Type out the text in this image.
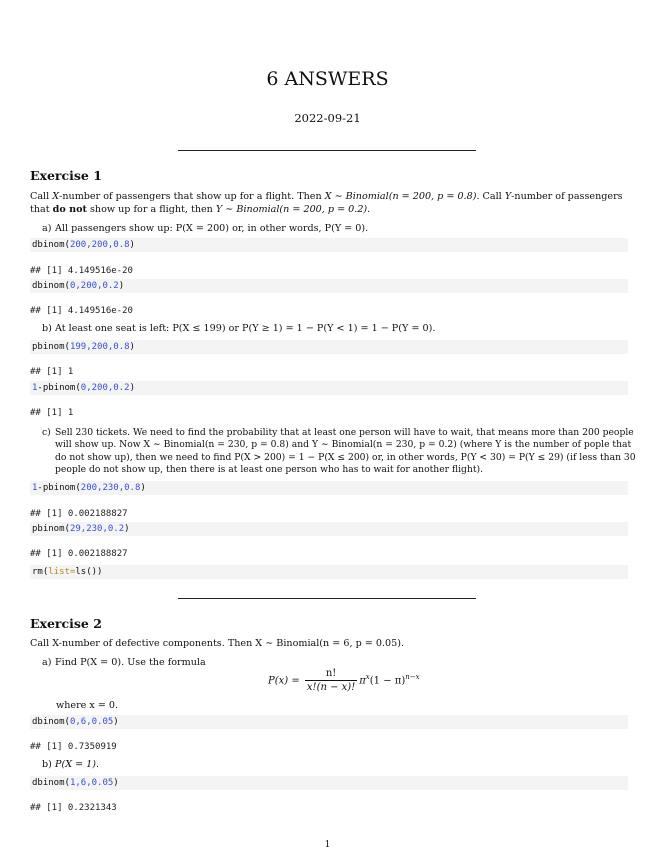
6 ANSWERS
2022-09-21
Exercise 1
Call X-number of passengers that show up for a flight. Then X ∼ Binomial(n = 200, p = 0.8). Call Y-number of passengers that do not show up for a flight, then Y ∼ Binomial(n = 200, p = 0.2).
a) All passengers show up: P(X = 200) or, in other words, P(Y = 0).
dbinom(200,200,0.8)
## [1] 4.149516e-20
dbinom(0,200,0.2)
## [1] 4.149516e-20
b) At least one seat is left: P(X ≤ 199) or P(Y ≥ 1) = 1 − P(Y < 1) = 1 − P(Y = 0).
pbinom(199,200,0.8)
## [1] 1
1-pbinom(0,200,0.2)
## [1] 1
c) Sell 230 tickets. We need to find the probability that at least one person will have to wait, that means more than 200 people will show up. Now X ∼ Binomial(n = 230, p = 0.8) and Y ∼ Binomial(n = 230, p = 0.2) (where Y is the number of pople that do not show up), then we need to find P(X > 200) = 1 − P(X ≤ 200) or, in other words, P(Y < 30) = P(Y ≤ 29) (if less than 30 people do not show up, then there is at least one person who has to wait for another flight).
1-pbinom(200,230,0.8)
## [1] 0.002188827
pbinom(29,230,0.2)
## [1] 0.002188827
rm(list=ls())
Exercise 2
Call X-number of defective components. Then X ∼ Binomial(n = 6, p = 0.05).
a) Find P(X = 0). Use the formula
$P(x) = \frac{n!}{x!(n - x)!} \pi^x(1 - \pi)^{n-x}$
where x = 0.
dbinom(0,6,0.05)
## [1] 0.7350919
b) P(X = 1).
dbinom(1,6,0.05)
## [1] 0.2321343
1
